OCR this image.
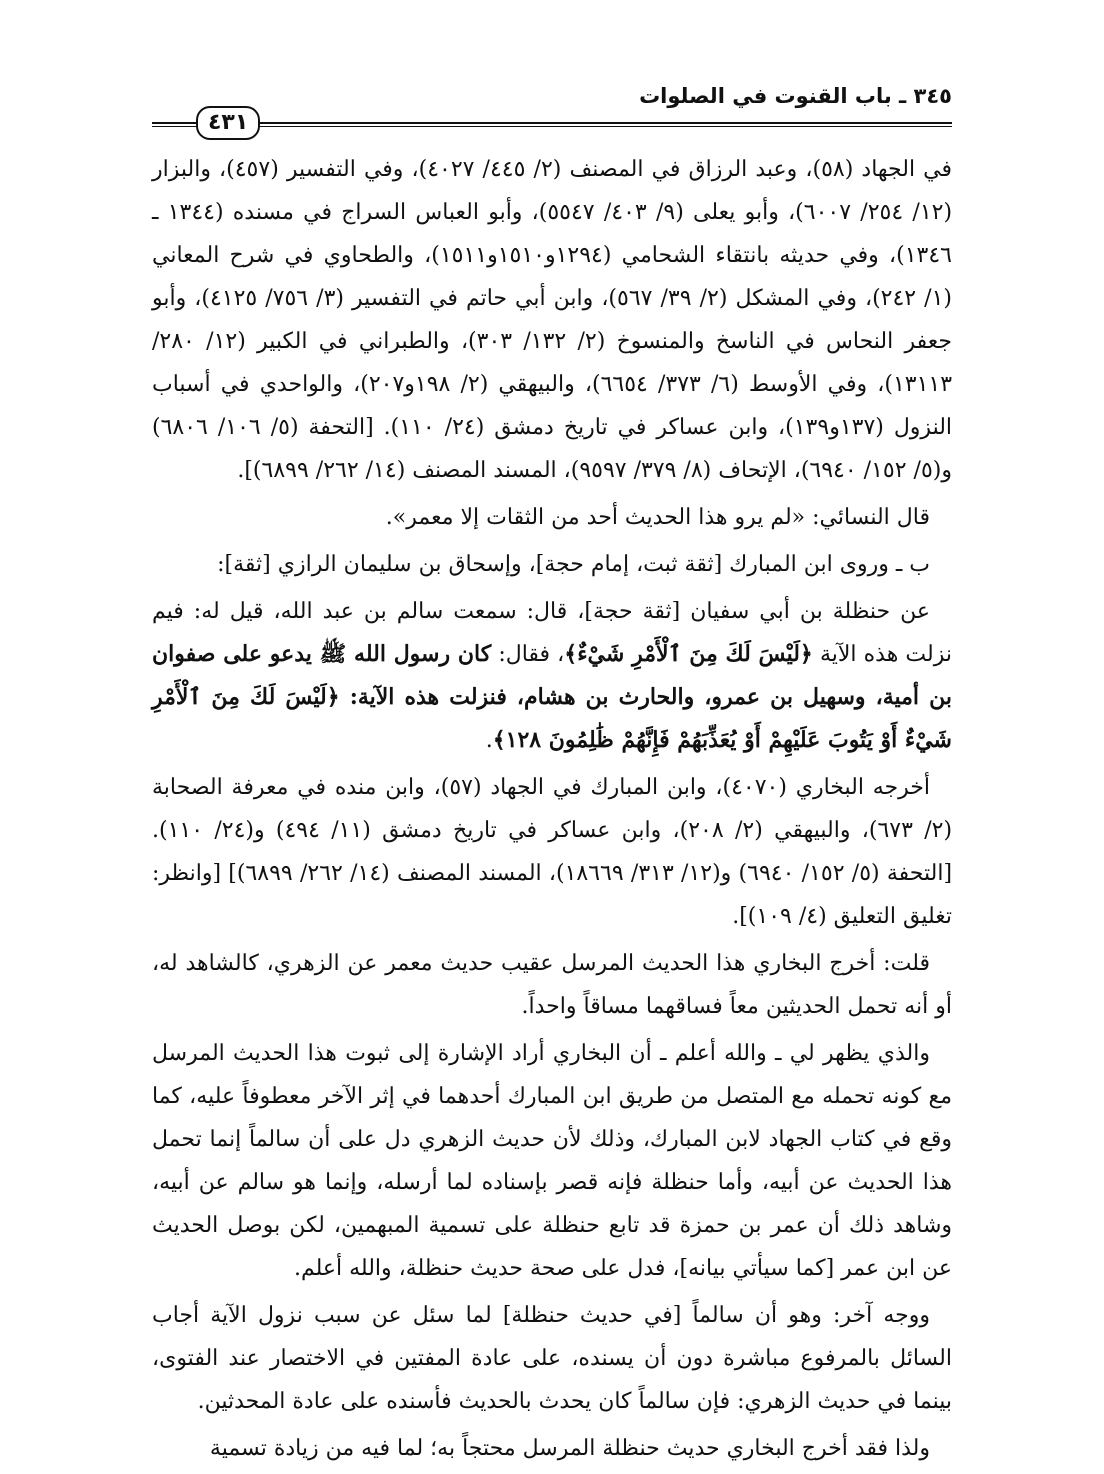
٣٤٥ ـ باب القنوت في الصلوات
٤٣١

في الجهاد (٥٨)، وعبد الرزاق في المصنف (٢/ ٤٤٥/ ٤٠٢٧)، وفي التفسير (٤٥٧)، والبزار (١٢/ ٢٥٤/ ٦٠٠٧)، وأبو يعلى (٩/ ٤٠٣/ ٥٥٤٧)، وأبو العباس السراج في مسنده (١٣٤٤ ـ ١٣٤٦)، وفي حديثه بانتقاء الشحامي (١٢٩٤و١٥١٠و١٥١١)، والطحاوي في شرح المعاني (١/ ٢٤٢)، وفي المشكل (٢/ ٣٩/ ٥٦٧)، وابن أبي حاتم في التفسير (٣/ ٧٥٦/ ٤١٢٥)، وأبو جعفر النحاس في الناسخ والمنسوخ (٢/ ١٣٢/ ٣٠٣)، والطبراني في الكبير (١٢/ ٢٨٠/ ١٣١١٣)، وفي الأوسط (٦/ ٣٧٣/ ٦٦٥٤)، والبيهقي (٢/ ١٩٨و٢٠٧)، والواحدي في أسباب النزول (١٣٧و١٣٩)، وابن عساكر في تاريخ دمشق (٢٤/ ١١٠). [التحفة (٥/ ١٠٦/ ٦٨٠٦) و(٥/ ١٥٢/ ٦٩٤٠)، الإتحاف (٨/ ٣٧٩/ ٩٥٩٧)، المسند المصنف (١٤/ ٢٦٢/ ٦٨٩٩)].

قال النسائي: «لم يرو هذا الحديث أحد من الثقات إلا معمر».

ب ـ وروى ابن المبارك [ثقة ثبت، إمام حجة]، وإسحاق بن سليمان الرازي [ثقة]:

عن حنظلة بن أبي سفيان [ثقة حجة]، قال: سمعت سالم بن عبد الله، قيل له: فيم نزلت هذه الآية ﴿لَيْسَ لَكَ مِنَ ٱلْأَمْرِ شَيْءٌ﴾، فقال: كان رسول الله ﷺ يدعو على صفوان بن أمية، وسهيل بن عمرو، والحارث بن هشام، فنزلت هذه الآية: ﴿لَيْسَ لَكَ مِنَ ٱلْأَمْرِ شَيْءٌ أَوْ يَتُوبَ عَلَيْهِمْ أَوْ يُعَذِّبَهُمْ فَإِنَّهُمْ ظَٰلِمُونَ ١٢٨﴾.

أخرجه البخاري (٤٠٧٠)، وابن المبارك في الجهاد (٥٧)، وابن منده في معرفة الصحابة (٢/ ٦٧٣)، والبيهقي (٢/ ٢٠٨)، وابن عساكر في تاريخ دمشق (١١/ ٤٩٤) و(٢٤/ ١١٠). [التحفة (٥/ ١٥٢/ ٦٩٤٠) و(١٢/ ٣١٣/ ١٨٦٦٩)، المسند المصنف (١٤/ ٢٦٢/ ٦٨٩٩)] [وانظر: تغليق التعليق (٤/ ١٠٩)].

قلت: أخرج البخاري هذا الحديث المرسل عقيب حديث معمر عن الزهري، كالشاهد له، أو أنه تحمل الحديثين معاً فساقهما مساقاً واحداً.

والذي يظهر لي ـ والله أعلم ـ أن البخاري أراد الإشارة إلى ثبوت هذا الحديث المرسل مع كونه تحمله مع المتصل من طريق ابن المبارك أحدهما في إثر الآخر معطوفاً عليه، كما وقع في كتاب الجهاد لابن المبارك، وذلك لأن حديث الزهري دل على أن سالماً إنما تحمل هذا الحديث عن أبيه، وأما حنظلة فإنه قصر بإسناده لما أرسله، وإنما هو سالم عن أبيه، وشاهد ذلك أن عمر بن حمزة قد تابع حنظلة على تسمية المبهمين، لكن بوصل الحديث عن ابن عمر [كما سيأتي بيانه]، فدل على صحة حديث حنظلة، والله أعلم.

ووجه آخر: وهو أن سالماً [في حديث حنظلة] لما سئل عن سبب نزول الآية أجاب السائل بالمرفوع مباشرة دون أن يسنده، على عادة المفتين في الاختصار عند الفتوى، بينما في حديث الزهري: فإن سالماً كان يحدث بالحديث فأسنده على عادة المحدثين.

ولذا فقد أخرج البخاري حديث حنظلة المرسل محتجاً به؛ لما فيه من زيادة تسمية
